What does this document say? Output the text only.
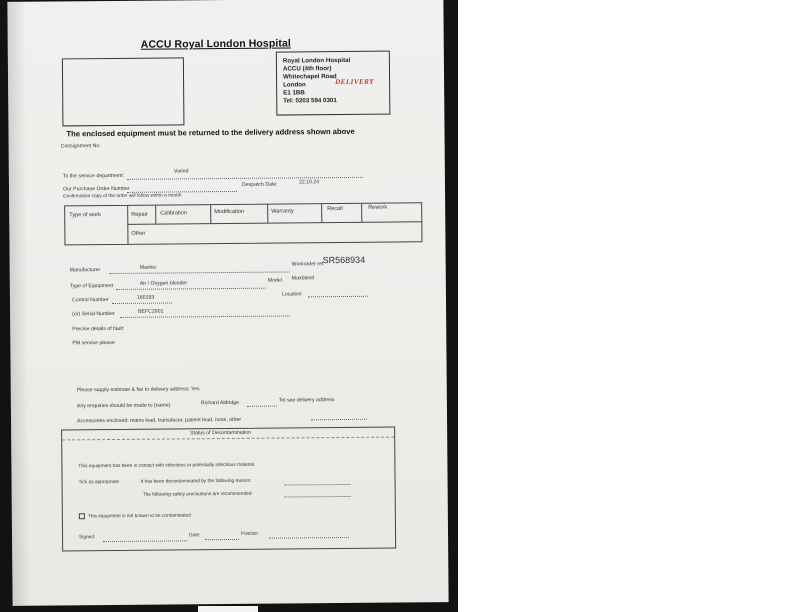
ACCU Royal London Hospital
Royal London Hospital
ACCU (4th floor)
Whitechapel Road
London
E1 1BB
Tel: 0203 594 0301
DELIVERY
The enclosed equipment must be returned to the delivery address shown above
Consignment No.
To the service department:
Varied
Our Purchase Order Number
Despatch Date:	22.10.24
Confirmation copy of the order will follow within a month
Type of work	Repair Calibration	Modification	Warranty	Recall	Rework
Other
Manufacturer	Maxtec
Workorder ref:
SR568934
Type of Equipment	Air / Oxygen blender	Model Maxblend
Control Number	160193
Location
(or) Serial Number	BEFC2001
Precise details of fault:
PM service please
Please supply estimate & fax to delivery address: Yes
Any enquiries should be made to (name)	Richard Aldridge	Tel see delivery address
Accessories enclosed: mains lead, transducer, patient lead, none, other
Status of Decontamination
This equipment has been in contact with infectious or potentially infectious material.
Tick as appropriate	It has been decontaminated by the following means:
The following safety precautions are recommended:
This equipment is not known to be contaminated
Signed:	Date:	Position
